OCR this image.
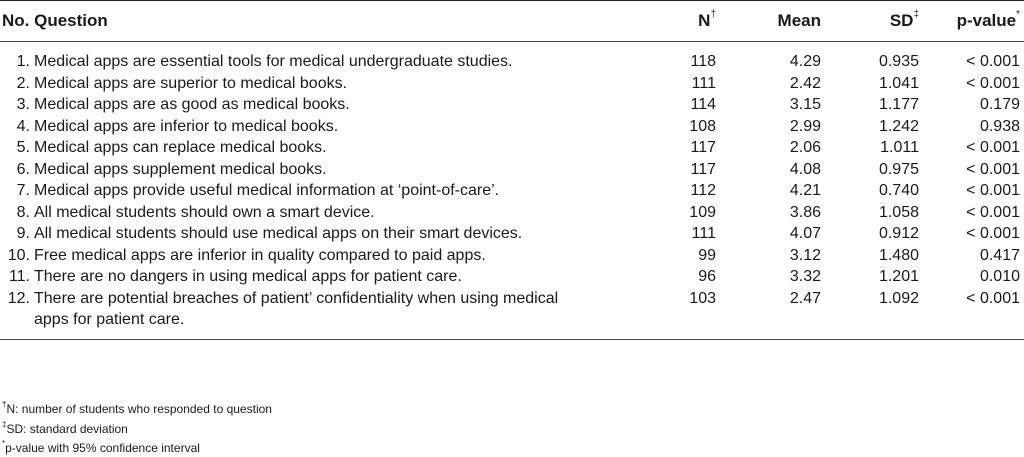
No. Question	N†	Mean	SD‡	p-value*

1. Medical apps are essential tools for medical undergraduate studies.	118	4.29	0.935	< 0.001

2. Medical apps are superior to medical books.	111	2.42	1.041	< 0.001

3. Medical apps are as good as medical books.	114	3.15	1.177	0.179

4. Medical apps are inferior to medical books.	108	2.99	1.242	0.938

5. Medical apps can replace medical books.	117	2.06	1.011	< 0.001

6. Medical apps supplement medical books.	117	4.08	0.975	< 0.001

7. Medical apps provide useful medical information at ‘point-of-care’.	112	4.21	0.740	< 0.001

8. All medical students should own a smart device.	109	3.86	1.058	< 0.001

9. All medical students should use medical apps on their smart devices.	111	4.07	0.912	< 0.001

10. Free medical apps are inferior in quality compared to paid apps.	99	3.12	1.480	0.417

11. There are no dangers in using medical apps for patient care.	96	3.32	1.201	0.010

12. There are potential breaches of patient’ confidentiality when using medical apps for patient care.	103	2.47	1.092	< 0.001
†N: number of students who responded to question
‡SD: standard deviation
*p-value with 95% confidence interval
